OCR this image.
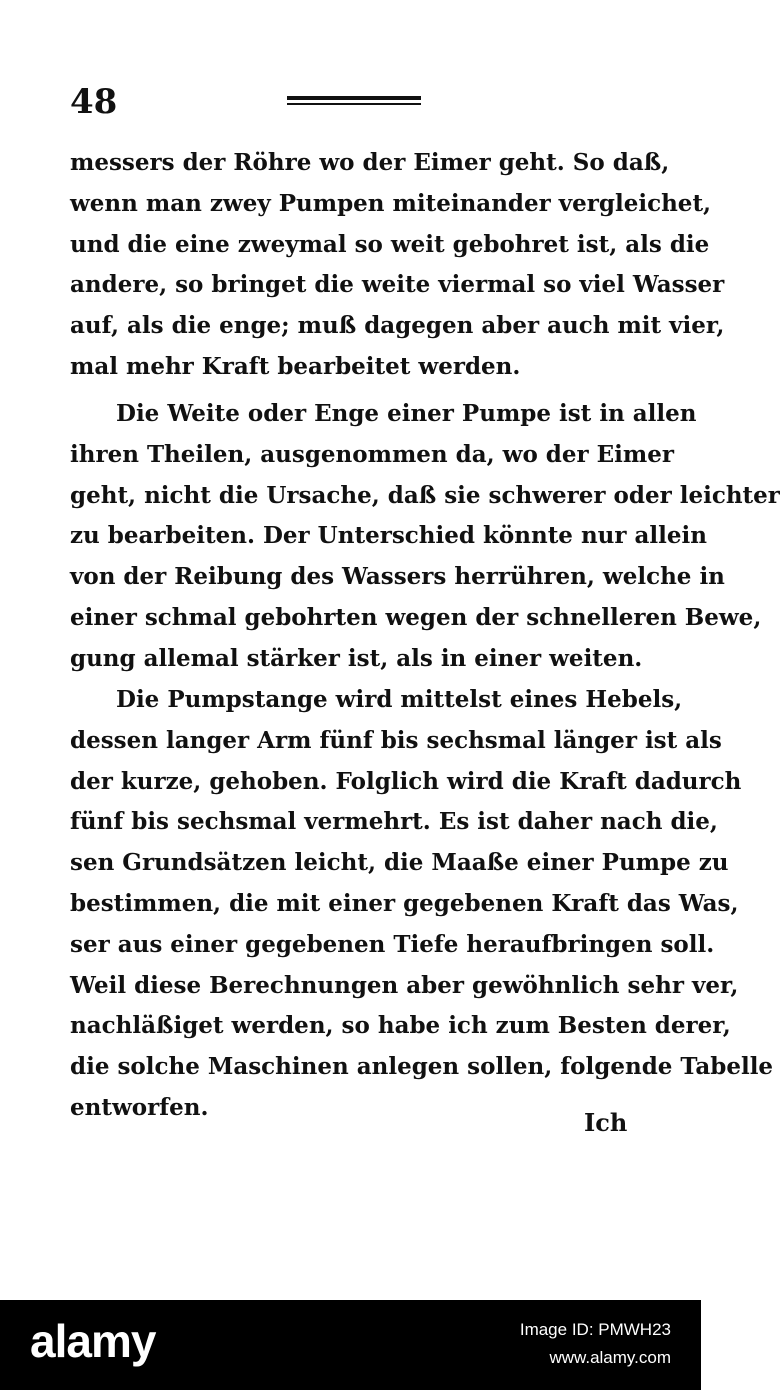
48
messers der Röhre wo der Eimer geht. So daß,
wenn man zwey Pumpen miteinander vergleichet,
und die eine zweymal so weit gebohret ist, als die
andere, so bringet die weite viermal so viel Wasser
auf, als die enge; muß dagegen aber auch mit vier,
mal mehr Kraft bearbeitet werden.
Die Weite oder Enge einer Pumpe ist in allen
ihren Theilen, ausgenommen da, wo der Eimer
geht, nicht die Ursache, daß sie schwerer oder leichter
zu bearbeiten. Der Unterschied könnte nur allein
von der Reibung des Wassers herrühren, welche in
einer schmal gebohrten wegen der schnelleren Bewe,
gung allemal stärker ist, als in einer weiten.
Die Pumpstange wird mittelst eines Hebels,
dessen langer Arm fünf bis sechsmal länger ist als
der kurze, gehoben. Folglich wird die Kraft dadurch
fünf bis sechsmal vermehrt. Es ist daher nach die,
sen Grundsätzen leicht, die Maaße einer Pumpe zu
bestimmen, die mit einer gegebenen Kraft das Was,
ser aus einer gegebenen Tiefe heraufbringen soll.
Weil diese Berechnungen aber gewöhnlich sehr ver,
nachläßiget werden, so habe ich zum Besten derer,
die solche Maschinen anlegen sollen, folgende Tabelle
entworfen.
Ich
alamy	Image ID: PMWH23
www.alamy.com
